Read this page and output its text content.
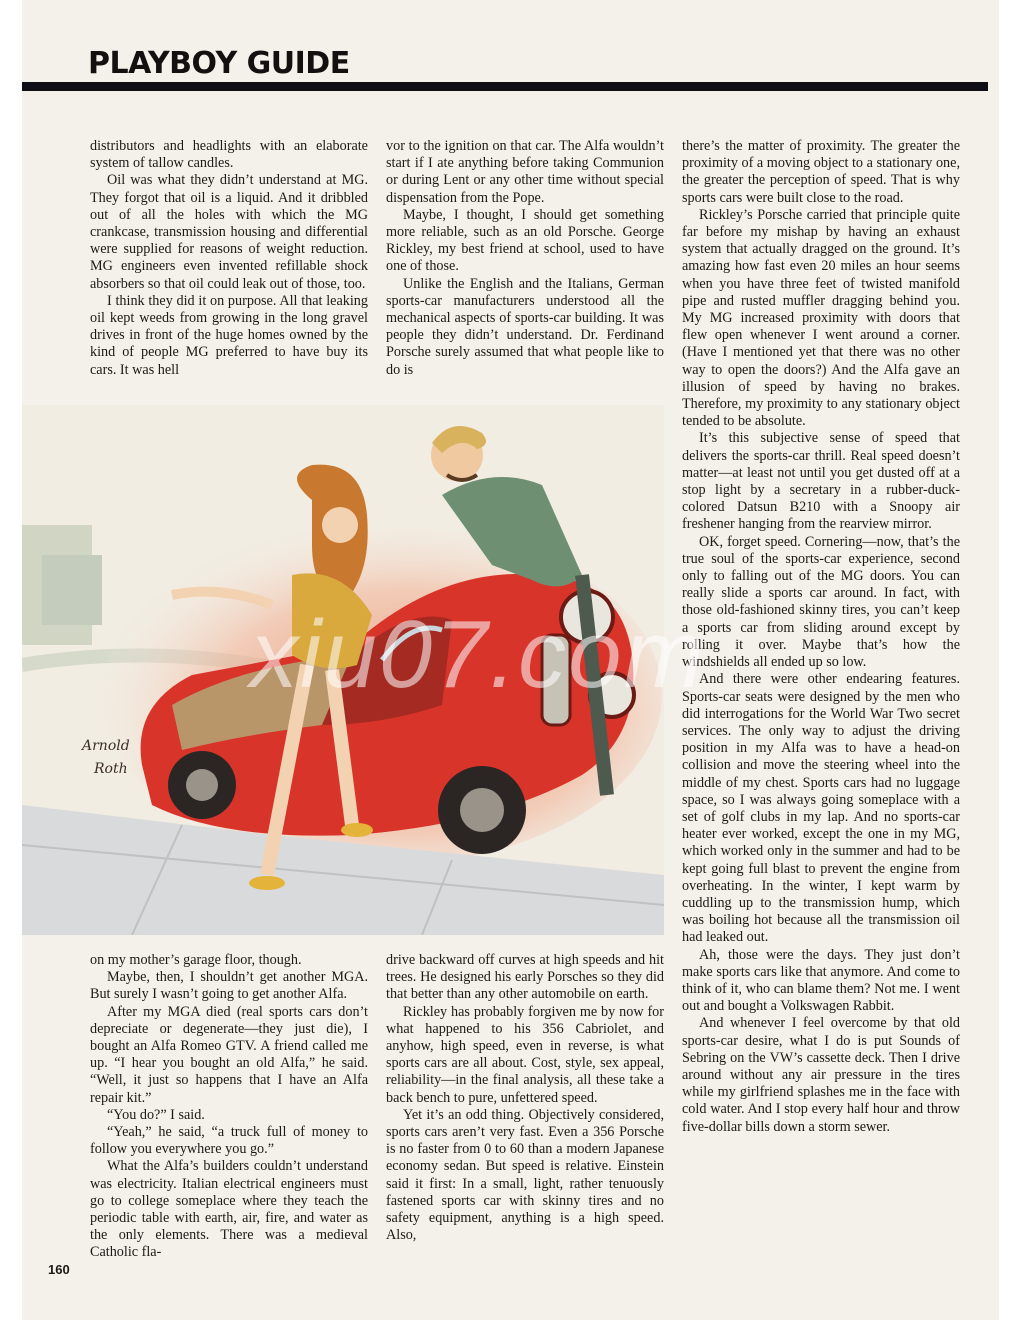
PLAYBOY GUIDE

distributors and headlights with an elaborate system of tallow candles.

Oil was what they didn’t understand at MG. They forgot that oil is a liquid. And it dribbled out of all the holes with which the MG crankcase, transmission housing and differential were supplied for reasons of weight reduction. MG engineers even invented refillable shock absorbers so that oil could leak out of those, too.

I think they did it on purpose. All that leaking oil kept weeds from growing in the long gravel drives in front of the huge homes owned by the kind of people MG preferred to have buy its cars. It was hell

vor to the ignition on that car. The Alfa wouldn’t start if I ate anything before taking Communion or during Lent or any other time without special dispensation from the Pope.

Maybe, I thought, I should get something more reliable, such as an old Porsche. George Rickley, my best friend at school, used to have one of those.

Unlike the English and the Italians, German sports-car manufacturers understood all the mechanical aspects of sports-car building. It was people they didn’t understand. Dr. Ferdinand Porsche surely assumed that what people like to do is

there’s the matter of proximity. The greater the proximity of a moving object to a stationary one, the greater the perception of speed. That is why sports cars were built close to the road.

Rickley’s Porsche carried that principle quite far before my mishap by having an exhaust system that actually dragged on the ground. It’s amazing how fast even 20 miles an hour seems when you have three feet of twisted manifold pipe and rusted muffler dragging behind you. My MG increased proximity with doors that flew open whenever I went around a corner. (Have I mentioned yet that there was no other way to open the doors?) And the Alfa gave an illusion of speed by having no brakes. Therefore, my proximity to any stationary object tended to be absolute.

It’s this subjective sense of speed that delivers the sports-car thrill. Real speed doesn’t matter—at least not until you get dusted off at a stop light by a secretary in a rubber-duck-colored Datsun B210 with a Snoopy air freshener hanging from the rearview mirror.

OK, forget speed. Cornering—now, that’s the true soul of the sports-car experience, second only to falling out of the MG doors. You can really slide a sports car around. In fact, with those old-fashioned skinny tires, you can’t keep a sports car from sliding around except by rolling it over. Maybe that’s how the windshields all ended up so low.

And there were other endearing features. Sports-car seats were designed by the men who did interrogations for the World War Two secret services. The only way to adjust the driving position in my Alfa was to have a head-on collision and move the steering wheel into the middle of my chest. Sports cars had no luggage space, so I was always going someplace with a set of golf clubs in my lap. And no sports-car heater ever worked, except the one in my MG, which worked only in the summer and had to be kept going full blast to prevent the engine from overheating. In the winter, I kept warm by cuddling up to the transmission hump, which was boiling hot because all the transmission oil had leaked out.

Ah, those were the days. They just don’t make sports cars like that anymore. And come to think of it, who can blame them? Not me. I went out and bought a Volkswagen Rabbit.

And whenever I feel overcome by that old sports-car desire, what I do is put Sounds of Sebring on the VW’s cassette deck. Then I drive around without any air pressure in the tires while my girlfriend splashes me in the face with cold water. And I stop every half hour and throw five-dollar bills down a storm sewer.

Arnold
Roth

on my mother’s garage floor, though.

Maybe, then, I shouldn’t get another MGA. But surely I wasn’t going to get another Alfa.

After my MGA died (real sports cars don’t depreciate or degenerate—they just die), I bought an Alfa Romeo GTV. A friend called me up. “I hear you bought an old Alfa,” he said. “Well, it just so happens that I have an Alfa repair kit.”

“You do?” I said.

“Yeah,” he said, “a truck full of money to follow you everywhere you go.”

What the Alfa’s builders couldn’t understand was electricity. Italian electrical engineers must go to college someplace where they teach the periodic table with earth, air, fire, and water as the only elements. There was a medieval Catholic fla-

drive backward off curves at high speeds and hit trees. He designed his early Porsches so they did that better than any other automobile on earth.

Rickley has probably forgiven me by now for what happened to his 356 Cabriolet, and anyhow, high speed, even in reverse, is what sports cars are all about. Cost, style, sex appeal, reliability—in the final analysis, all these take a back bench to pure, unfettered speed.

Yet it’s an odd thing. Objectively considered, sports cars aren’t very fast. Even a 356 Porsche is no faster from 0 to 60 than a modern Japanese economy sedan. But speed is relative. Einstein said it first: In a small, light, rather tenuously fastened sports car with skinny tires and no safety equipment, anything is a high speed. Also,

160
xiu07.com
